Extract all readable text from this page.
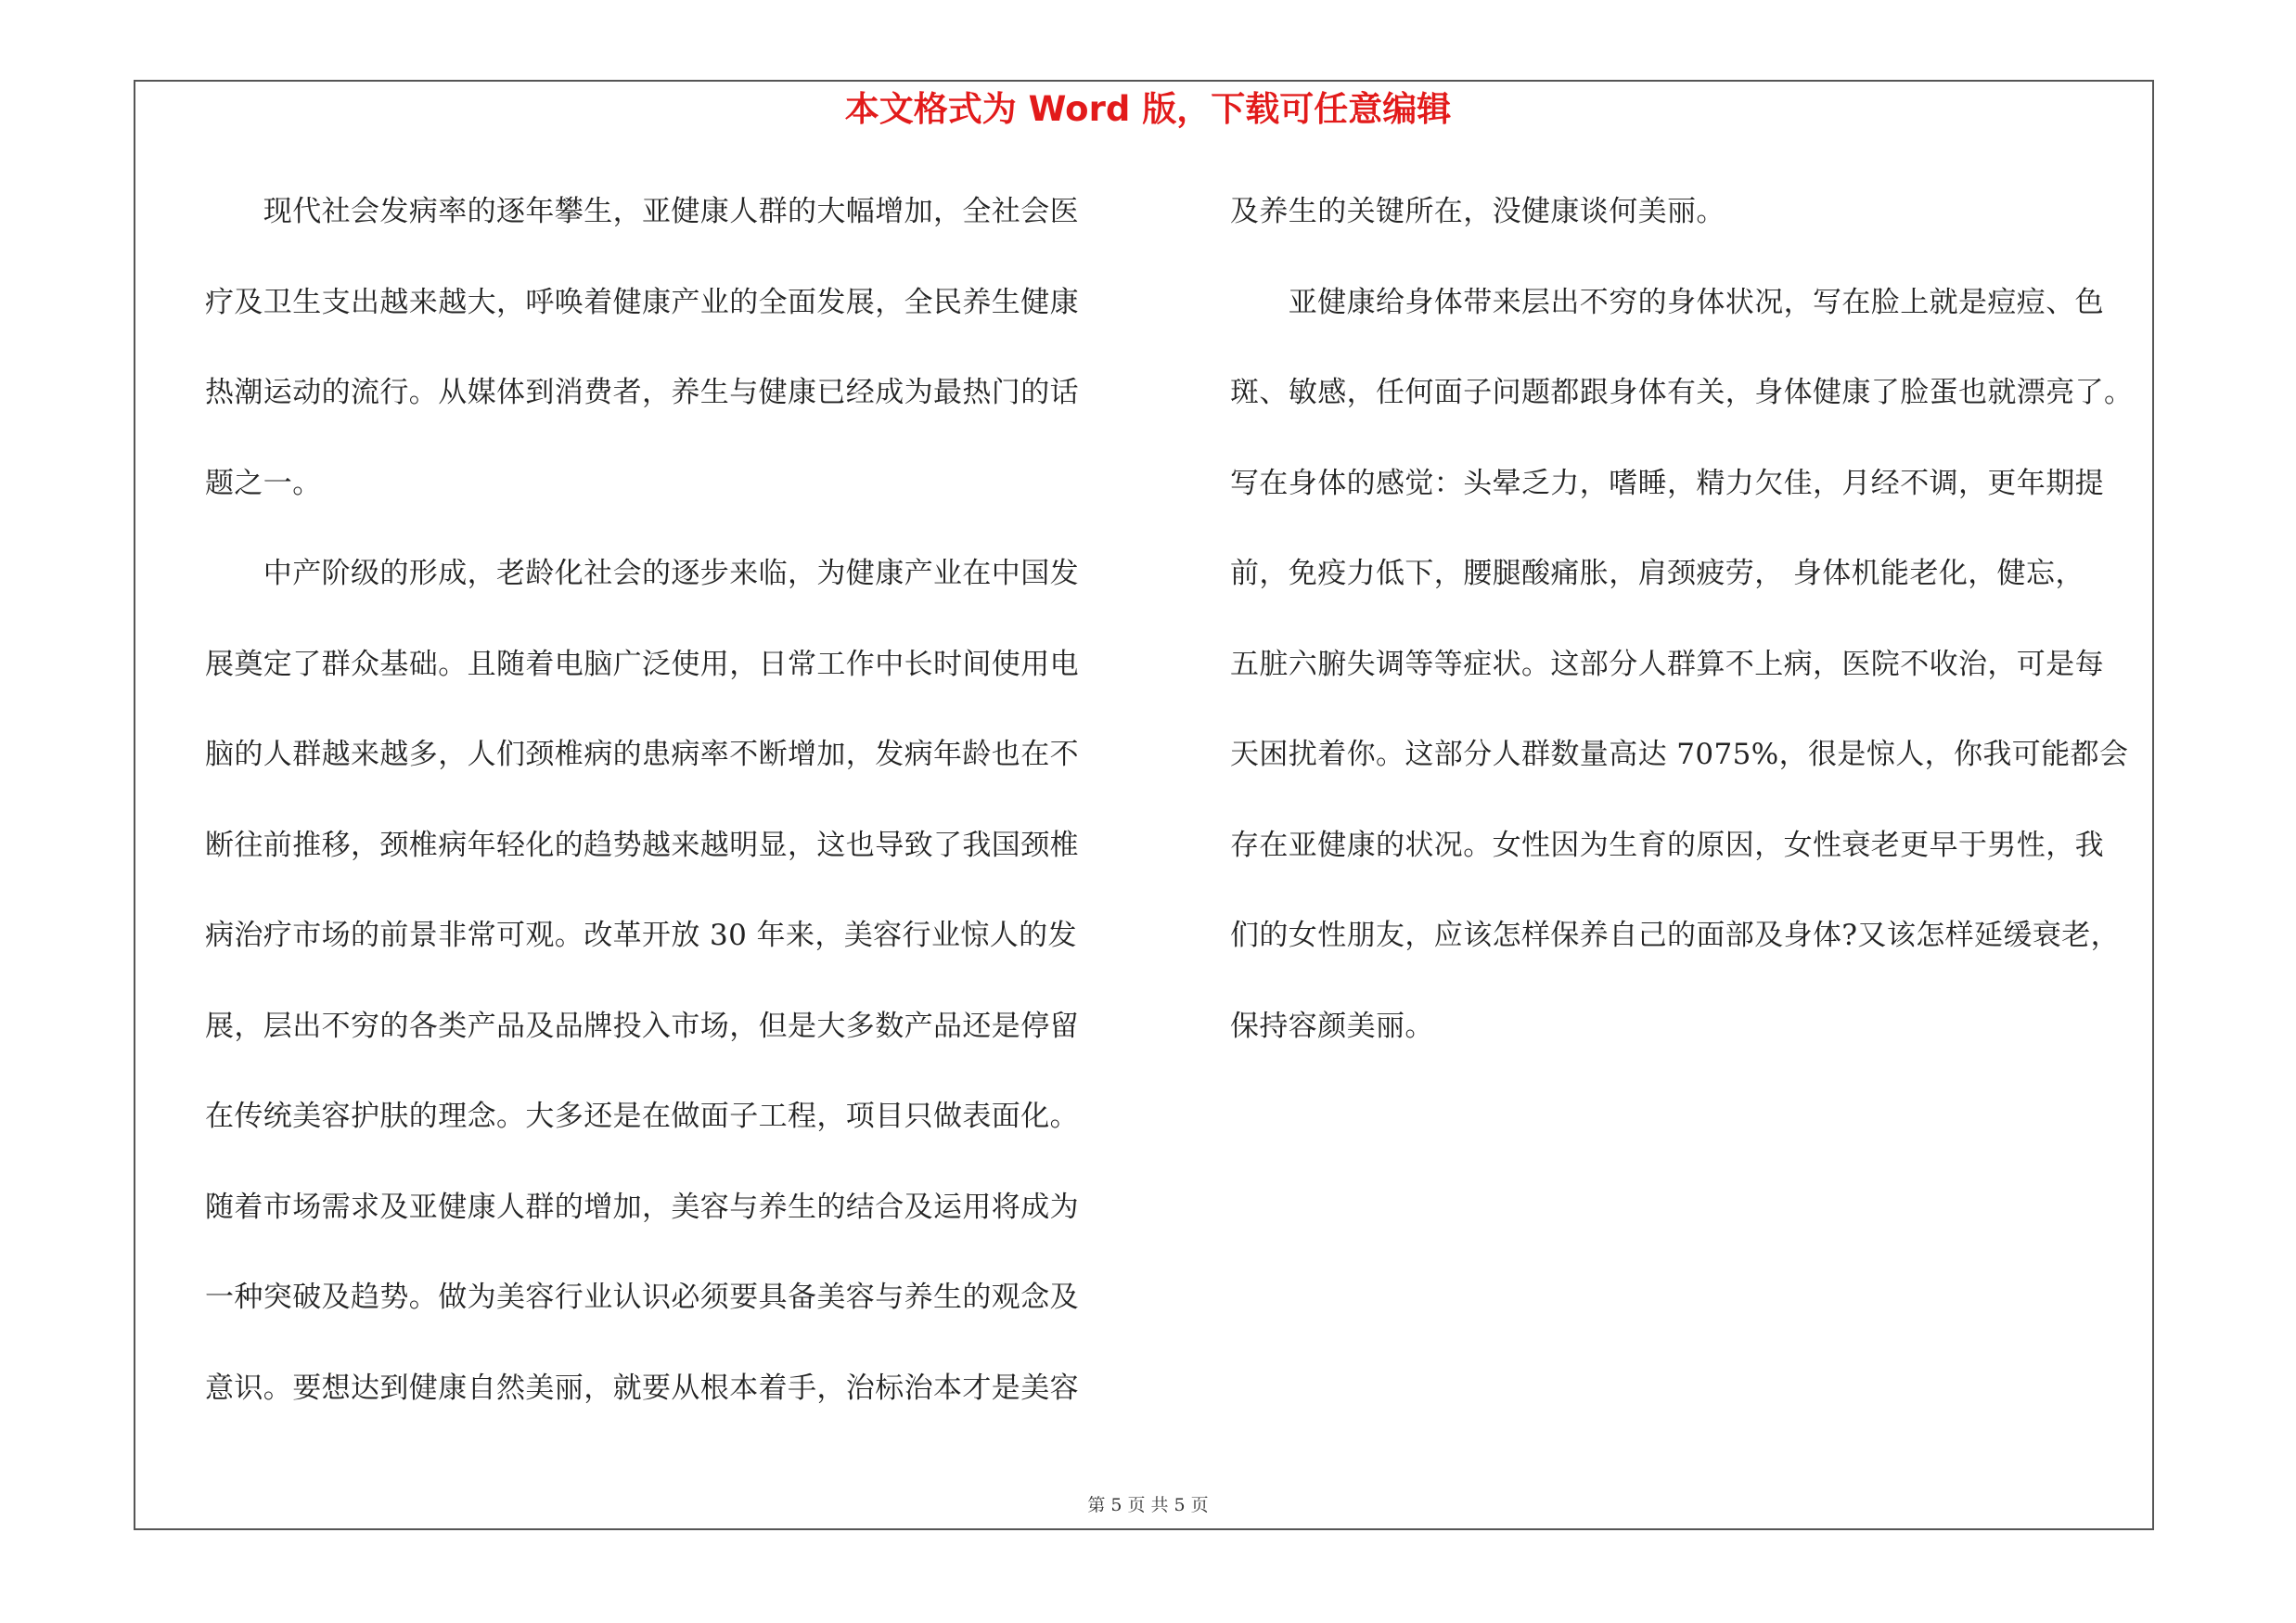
本文格式为 Word 版，下载可任意编辑
　　现代社会发病率的逐年攀生，亚健康人群的大幅增加，全社会医
疗及卫生支出越来越大，呼唤着健康产业的全面发展，全民养生健康
热潮运动的流行。从媒体到消费者，养生与健康已经成为最热门的话
题之一。
　　中产阶级的形成，老龄化社会的逐步来临，为健康产业在中国发
展奠定了群众基础。且随着电脑广泛使用，日常工作中长时间使用电
脑的人群越来越多，人们颈椎病的患病率不断增加，发病年龄也在不
断往前推移，颈椎病年轻化的趋势越来越明显，这也导致了我国颈椎
病治疗市场的前景非常可观。改革开放 30 年来，美容行业惊人的发
展，层出不穷的各类产品及品牌投入市场，但是大多数产品还是停留
在传统美容护肤的理念。大多还是在做面子工程，项目只做表面化。
随着市场需求及亚健康人群的增加，美容与养生的结合及运用将成为
一种突破及趋势。做为美容行业认识必须要具备美容与养生的观念及
意识。要想达到健康自然美丽，就要从根本着手，治标治本才是美容
及养生的关键所在，没健康谈何美丽。
　　亚健康给身体带来层出不穷的身体状况，写在脸上就是痘痘、色
斑、敏感，任何面子问题都跟身体有关，身体健康了脸蛋也就漂亮了。
写在身体的感觉：头晕乏力，嗜睡，精力欠佳，月经不调，更年期提
前，免疫力低下，腰腿酸痛胀，肩颈疲劳， 身体机能老化，健忘，
五脏六腑失调等等症状。这部分人群算不上病，医院不收治，可是每
天困扰着你。这部分人群数量高达 7075%，很是惊人，你我可能都会
存在亚健康的状况。女性因为生育的原因，女性衰老更早于男性，我
们的女性朋友，应该怎样保养自己的面部及身体?又该怎样延缓衰老，
保持容颜美丽。
第 5 页 共 5 页
